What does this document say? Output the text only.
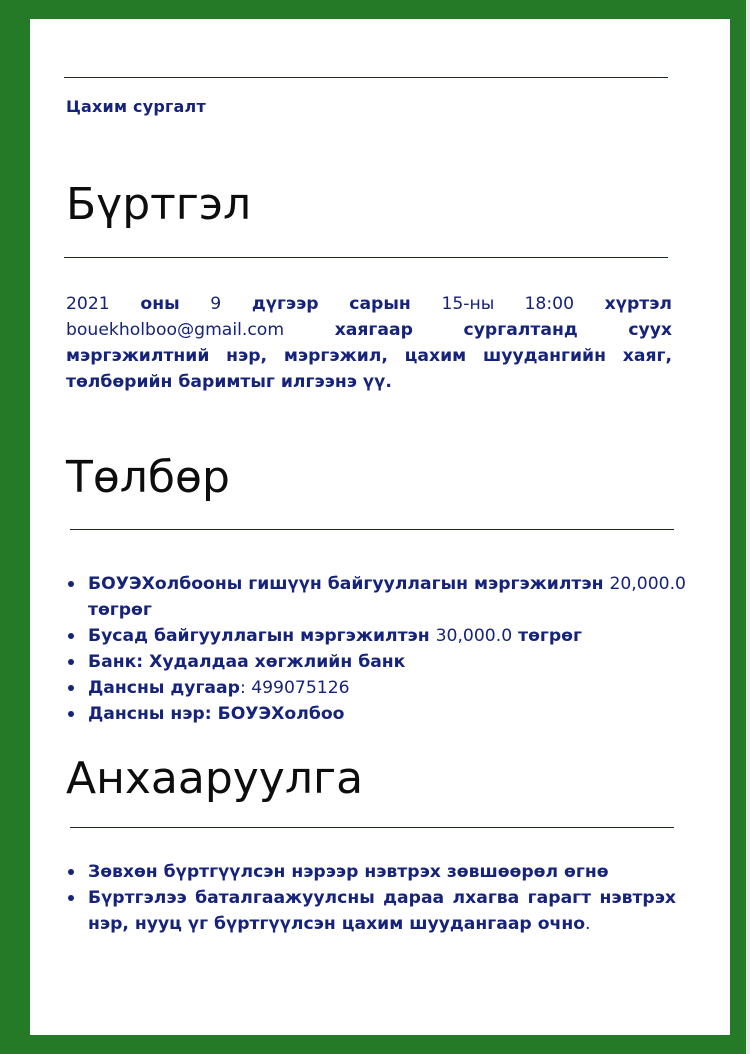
Цахим сургалт
Бүртгэл
2021 оны 9 дүгээр сарын 15-ны 18:00 хүртэл bouekholboo@gmail.com хаягаар сургалтанд суух мэргэжилтний нэр, мэргэжил, цахим шуудангийн хаяг, төлбөрийн баримтыг илгээнэ үү.
Төлбөр
БОУЭХолбооны гишүүн байгууллагын мэргэжилтэн 20,000.0 төгрөг
Бусад байгууллагын мэргэжилтэн 30,000.0 төгрөг
Банк: Худалдаа хөгжлийн банк
Дансны дугаар: 499075126
Дансны нэр: БОУЭХолбоо
Анхааруулга
Зөвхөн бүртгүүлсэн нэрээр нэвтрэх зөвшөөрөл өгнө
Бүртгэлээ баталгаажуулсны дараа лхагва гарагт нэвтрэх нэр, нууц үг бүртгүүлсэн цахим шуудангаар очно.
